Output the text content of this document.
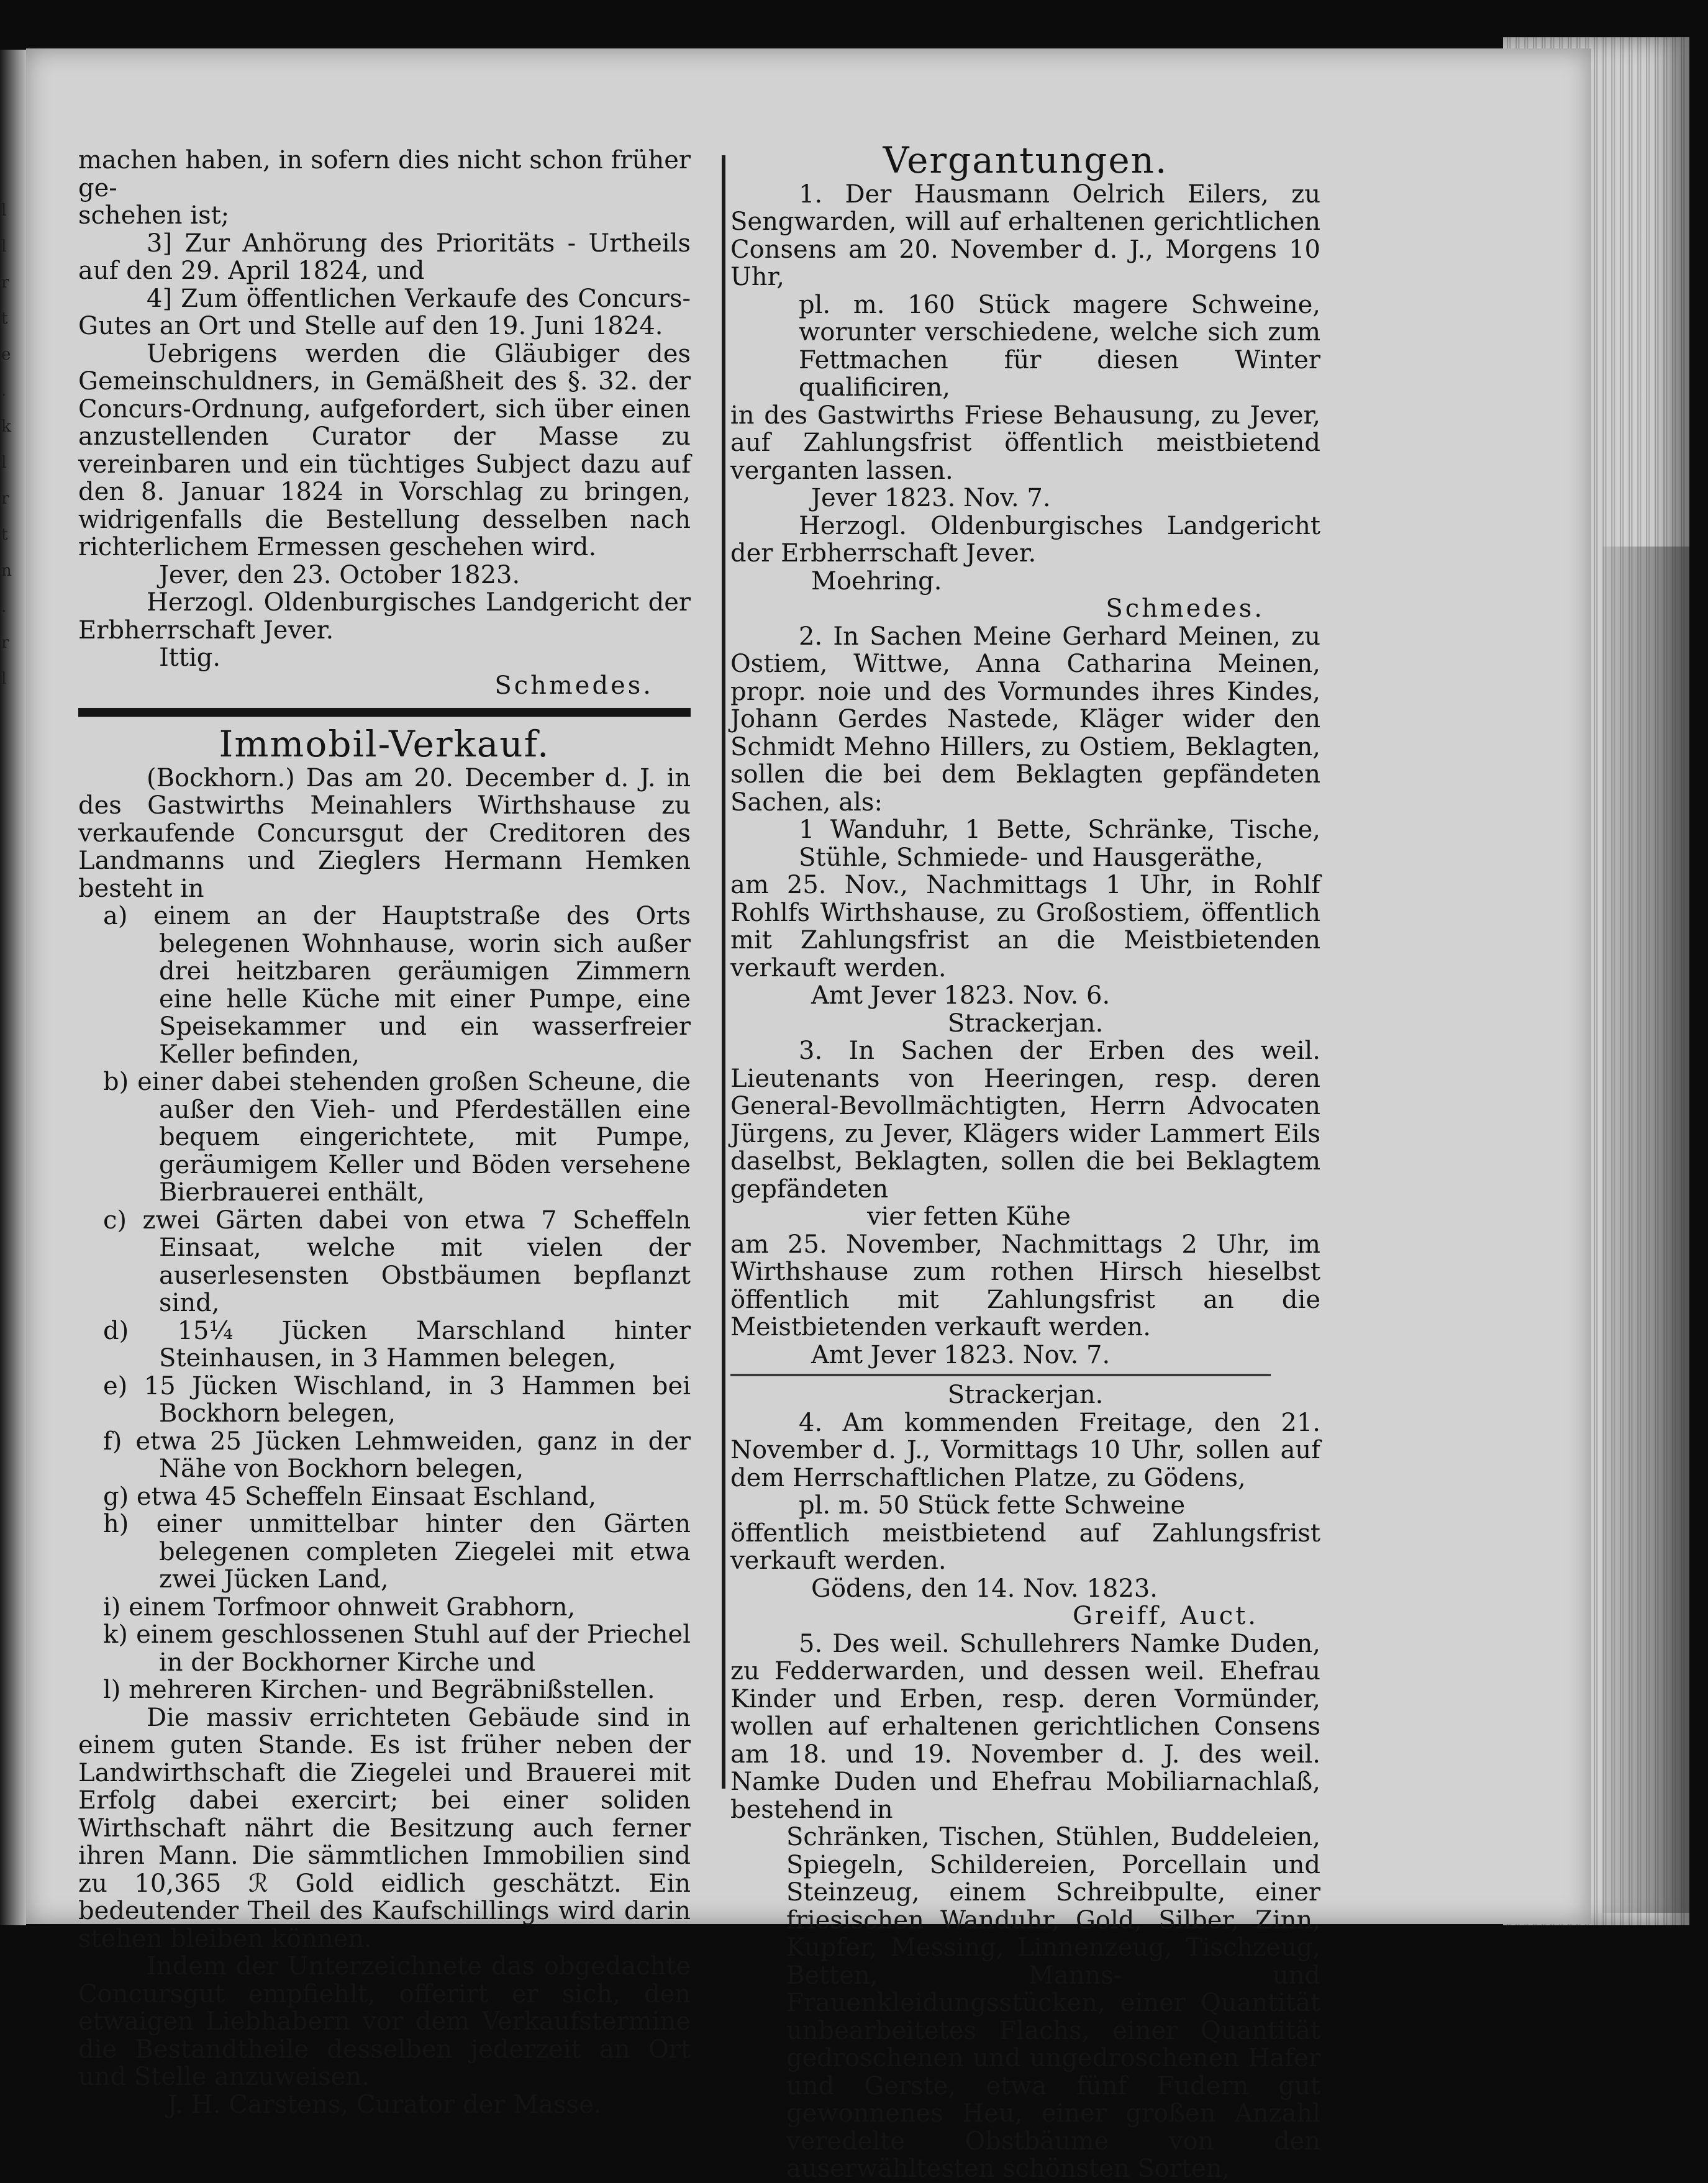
l
l
r
t
e
.
k
l
r
t
n
.
r
l

machen haben, in sofern dies nicht schon früher ge-

schehen ist;

3] Zur Anhörung des Prioritäts - Urtheils auf den 29. April 1824, und

4] Zum öffentlichen Verkaufe des Concurs-Gutes an Ort und Stelle auf den 19. Juni 1824.

Uebrigens werden die Gläubiger des Gemeinschuldners, in Gemäßheit des §. 32. der Concurs-Ordnung, aufgefordert, sich über einen anzustellenden Curator der Masse zu vereinbaren und ein tüchtiges Subject dazu auf den 8. Januar 1824 in Vorschlag zu bringen, widrigenfalls die Bestellung desselben nach richterlichem Ermessen geschehen wird.

Jever, den 23. October 1823.

Herzogl. Oldenburgisches Landgericht der Erbherrschaft Jever.

Ittig.

Schmedes.

Immobil-Verkauf.

(Bockhorn.) Das am 20. December d. J. in des Gastwirths Meinahlers Wirthshause zu verkaufende Concursgut der Creditoren des Landmanns und Zieglers Hermann Hemken besteht in

a) einem an der Hauptstraße des Orts belegenen Wohnhause, worin sich außer drei heitzbaren geräumigen Zimmern eine helle Küche mit einer Pumpe, eine Speisekammer und ein wasserfreier Keller befinden,

b) einer dabei stehenden großen Scheune, die außer den Vieh- und Pferdeställen eine bequem eingerichtete, mit Pumpe, geräumigem Keller und Böden versehene Bierbrauerei enthält,

c) zwei Gärten dabei von etwa 7 Scheffeln Einsaat, welche mit vielen der auserlesensten Obstbäumen bepflanzt sind,

d) 15¼ Jücken Marschland hinter Steinhausen, in 3 Hammen belegen,

e) 15 Jücken Wischland, in 3 Hammen bei Bockhorn belegen,

f) etwa 25 Jücken Lehmweiden, ganz in der Nähe von Bockhorn belegen,

g) etwa 45 Scheffeln Einsaat Eschland,

h) einer unmittelbar hinter den Gärten belegenen completen Ziegelei mit etwa zwei Jücken Land,

i) einem Torfmoor ohnweit Grabhorn,

k) einem geschlossenen Stuhl auf der Priechel in der Bockhorner Kirche und

l) mehreren Kirchen- und Begräbnißstellen.

Die massiv errichteten Gebäude sind in einem guten Stande. Es ist früher neben der Landwirthschaft die Ziegelei und Brauerei mit Erfolg dabei exercirt; bei einer soliden Wirthschaft nährt die Besitzung auch ferner ihren Mann. Die sämmtlichen Immobilien sind zu 10,365 ℛ Gold eidlich geschätzt. Ein bedeutender Theil des Kaufschillings wird darin stehen bleiben können.

Indem der Unterzeichnete das obgedachte Concursgut empfiehlt, offerirt er sich, den etwaigen Liebhabern vor dem Verkaufstermine die Bestandtheile desselben jederzeit an Ort und Stelle anzuweisen.

J. H. Carstens, Curator der Masse.

Vergantungen.

1. Der Hausmann Oelrich Eilers, zu Sengwarden, will auf erhaltenen gerichtlichen Consens am 20. November d. J., Morgens 10 Uhr,

pl. m. 160 Stück magere Schweine, worunter verschiedene, welche sich zum Fettmachen für diesen Winter qualificiren,

in des Gastwirths Friese Behausung, zu Jever, auf Zahlungsfrist öffentlich meistbietend verganten lassen.

Jever 1823. Nov. 7.

Herzogl. Oldenburgisches Landgericht der Erbherrschaft Jever.

Moehring.

Schmedes.

2. In Sachen Meine Gerhard Meinen, zu Ostiem, Wittwe, Anna Catharina Meinen, propr. noie und des Vormundes ihres Kindes, Johann Gerdes Nastede, Kläger wider den Schmidt Mehno Hillers, zu Ostiem, Beklagten, sollen die bei dem Beklagten gepfändeten Sachen, als:

1 Wanduhr, 1 Bette, Schränke, Tische, Stühle, Schmiede- und Hausgeräthe,

am 25. Nov., Nachmittags 1 Uhr, in Rohlf Rohlfs Wirthshause, zu Großostiem, öffentlich mit Zahlungsfrist an die Meistbietenden verkauft werden.

Amt Jever 1823. Nov. 6.

Strackerjan.

3. In Sachen der Erben des weil. Lieutenants von Heeringen, resp. deren General-Bevollmächtigten, Herrn Advocaten Jürgens, zu Jever, Klägers wider Lammert Eils daselbst, Beklagten, sollen die bei Beklagtem gepfändeten

vier fetten Kühe

am 25. November, Nachmittags 2 Uhr, im Wirthshause zum rothen Hirsch hieselbst öffentlich mit Zahlungsfrist an die Meistbietenden verkauft werden.

Amt Jever 1823. Nov. 7.

Strackerjan.

4. Am kommenden Freitage, den 21. November d. J., Vormittags 10 Uhr, sollen auf dem Herrschaftlichen Platze, zu Gödens,

pl. m. 50 Stück fette Schweine

öffentlich meistbietend auf Zahlungsfrist verkauft werden.

Gödens, den 14. Nov. 1823.

Greiff, Auct.

5. Des weil. Schullehrers Namke Duden, zu Fedderwarden, und dessen weil. Ehefrau Kinder und Erben, resp. deren Vormünder, wollen auf erhaltenen gerichtlichen Consens am 18. und 19. November d. J. des weil. Namke Duden und Ehefrau Mobiliarnachlaß, bestehend in

Schränken, Tischen, Stühlen, Buddeleien, Spiegeln, Schildereien, Porcellain und Steinzeug, einem Schreibpulte, einer friesischen Wanduhr, Gold, Silber, Zinn, Kupfer, Messing, Linnenzeug, Tischzeug, Betten, Manns- und Frauenkleidungsstücken, einer Quantität unbearbeitetes Flachs, einer Quantität gedroschenen und ungedroschenen Hafer und Gerste, etwa fünf Fudern gut gewonnenes Heu, einer großen Anzahl veredelte Obstbäume von den auserwähltesten schönsten Sorten,
